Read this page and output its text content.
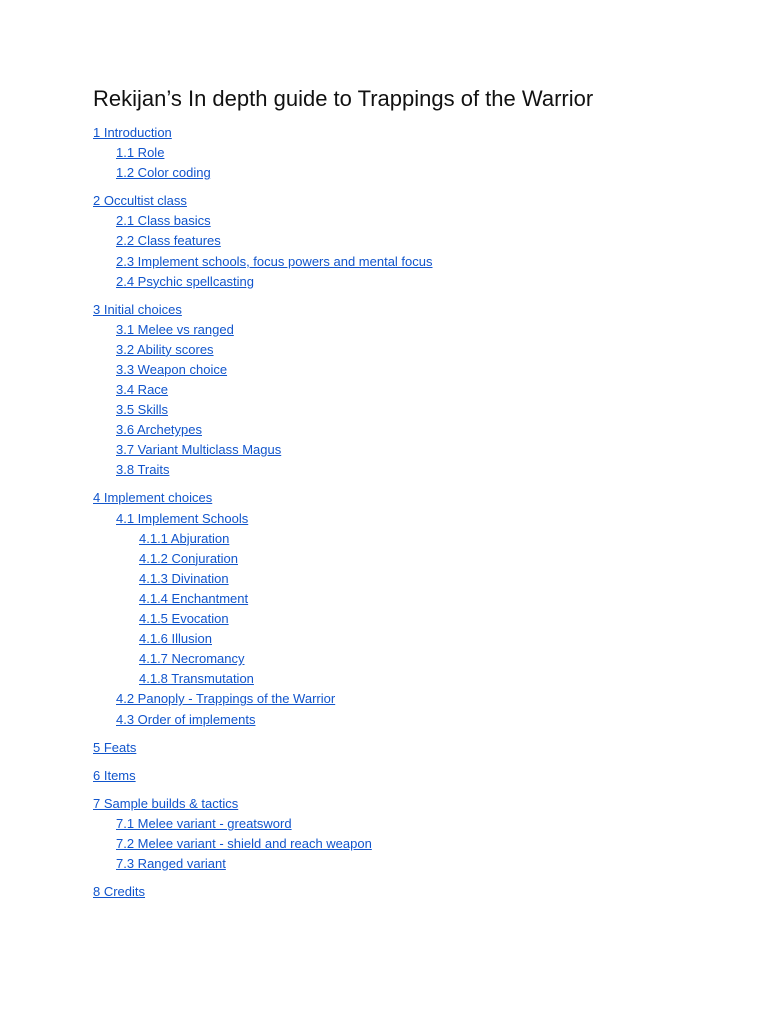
Rekijan’s In depth guide to Trappings of the Warrior
1 Introduction
1.1 Role
1.2 Color coding
2 Occultist class
2.1 Class basics
2.2 Class features
2.3 Implement schools, focus powers and mental focus
2.4 Psychic spellcasting
3 Initial choices
3.1 Melee vs ranged
3.2 Ability scores
3.3 Weapon choice
3.4 Race
3.5 Skills
3.6 Archetypes
3.7 Variant Multiclass Magus
3.8 Traits
4 Implement choices
4.1 Implement Schools
4.1.1 Abjuration
4.1.2 Conjuration
4.1.3 Divination
4.1.4 Enchantment
4.1.5 Evocation
4.1.6 Illusion
4.1.7 Necromancy
4.1.8 Transmutation
4.2 Panoply - Trappings of the Warrior
4.3 Order of implements
5 Feats
6 Items
7 Sample builds & tactics
7.1 Melee variant - greatsword
7.2 Melee variant - shield and reach weapon
7.3 Ranged variant
8 Credits
